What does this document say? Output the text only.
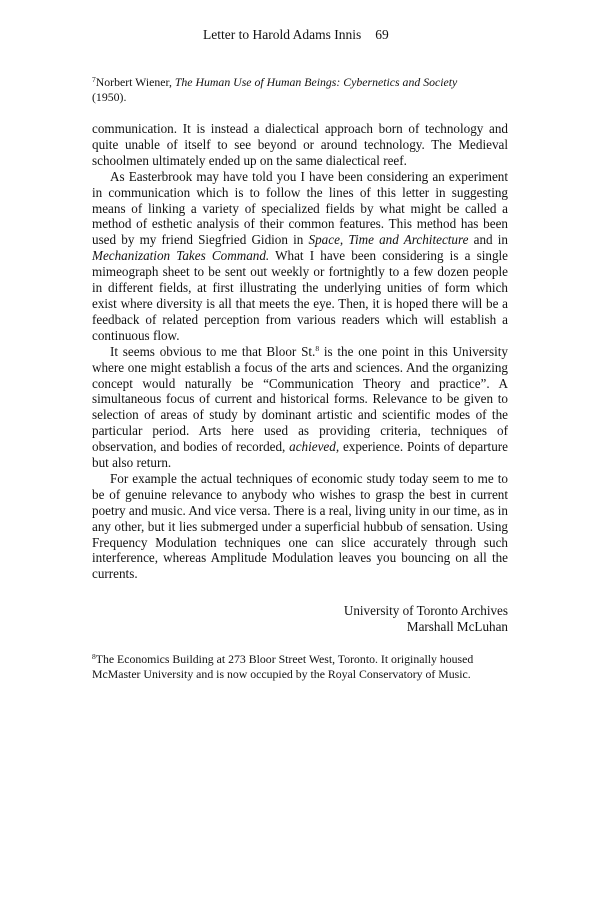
Letter to Harold Adams Innis 69
$^7$Norbert Wiener, The Human Use of Human Beings: Cybernetics and Society
(1950).

communication. It is instead a dialectical approach born of technology and quite unable of itself to see beyond or around technology. The Medieval schoolmen ultimately ended up on the same dialectical reef.

As Easterbrook may have told you I have been considering an experiment in communication which is to follow the lines of this letter in suggesting means of linking a variety of specialized fields by what might be called a method of esthetic analysis of their common features. This method has been used by my friend Siegfried Gidion in Space, Time and Architecture and in Mechanization Takes Command. What I have been considering is a single mimeograph sheet to be sent out weekly or fortnightly to a few dozen people in different fields, at first illustrating the underlying unities of form which exist where diversity is all that meets the eye. Then, it is hoped there will be a feedback of related perception from various readers which will establish a continuous flow.

It seems obvious to me that Bloor St.$^8$ is the one point in this University where one might establish a focus of the arts and sciences. And the organizing concept would naturally be “Communication Theory and practice”. A simultaneous focus of current and historical forms. Relevance to be given to selection of areas of study by dominant artistic and scientific modes of the particular period. Arts here used as providing criteria, techniques of observation, and bodies of recorded, achieved, experience. Points of departure but also return.

For example the actual techniques of economic study today seem to me to be of genuine relevance to anybody who wishes to grasp the best in current poetry and music. And vice versa. There is a real, living unity in our time, as in any other, but it lies submerged under a superficial hubbub of sensation. Using Frequency Modulation techniques one can slice accurately through such interference, whereas Amplitude Modulation leaves you bouncing on all the currents.

University of Toronto Archives
Marshall McLuhan
$^8$The Economics Building at 273 Bloor Street West, Toronto. It originally housed McMaster University and is now occupied by the Royal Conservatory of Music.
